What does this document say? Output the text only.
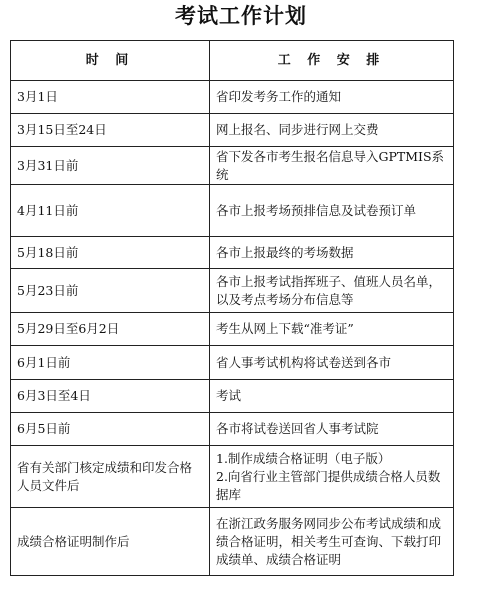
考试工作计划
时 间	工 作 安 排
3月1日	省印发考务工作的通知
3月15日至24日	网上报名、同步进行网上交费
3月31日前	省下发各市考生报名信息导入GPTMIS系统
4月11日前	各市上报考场预排信息及试卷预订单
5月18日前	各市上报最终的考场数据
5月23日前	各市上报考试指挥班子、值班人员名单，以及考点考场分布信息等
5月29日至6月2日	考生从网上下载“准考证”
6月1日前	省人事考试机构将试卷送到各市
6月3日至4日	考试
6月5日前	各市将试卷送回省人事考试院
省有关部门核定成绩和印发合格人员文件后	1.制作成绩合格证明（电子版）
2.向省行业主管部门提供成绩合格人员数据库

成绩合格证明制作后	在浙江政务服务网同步公布考试成绩和成绩合格证明，相关考生可查询、下载打印成绩单、成绩合格证明
